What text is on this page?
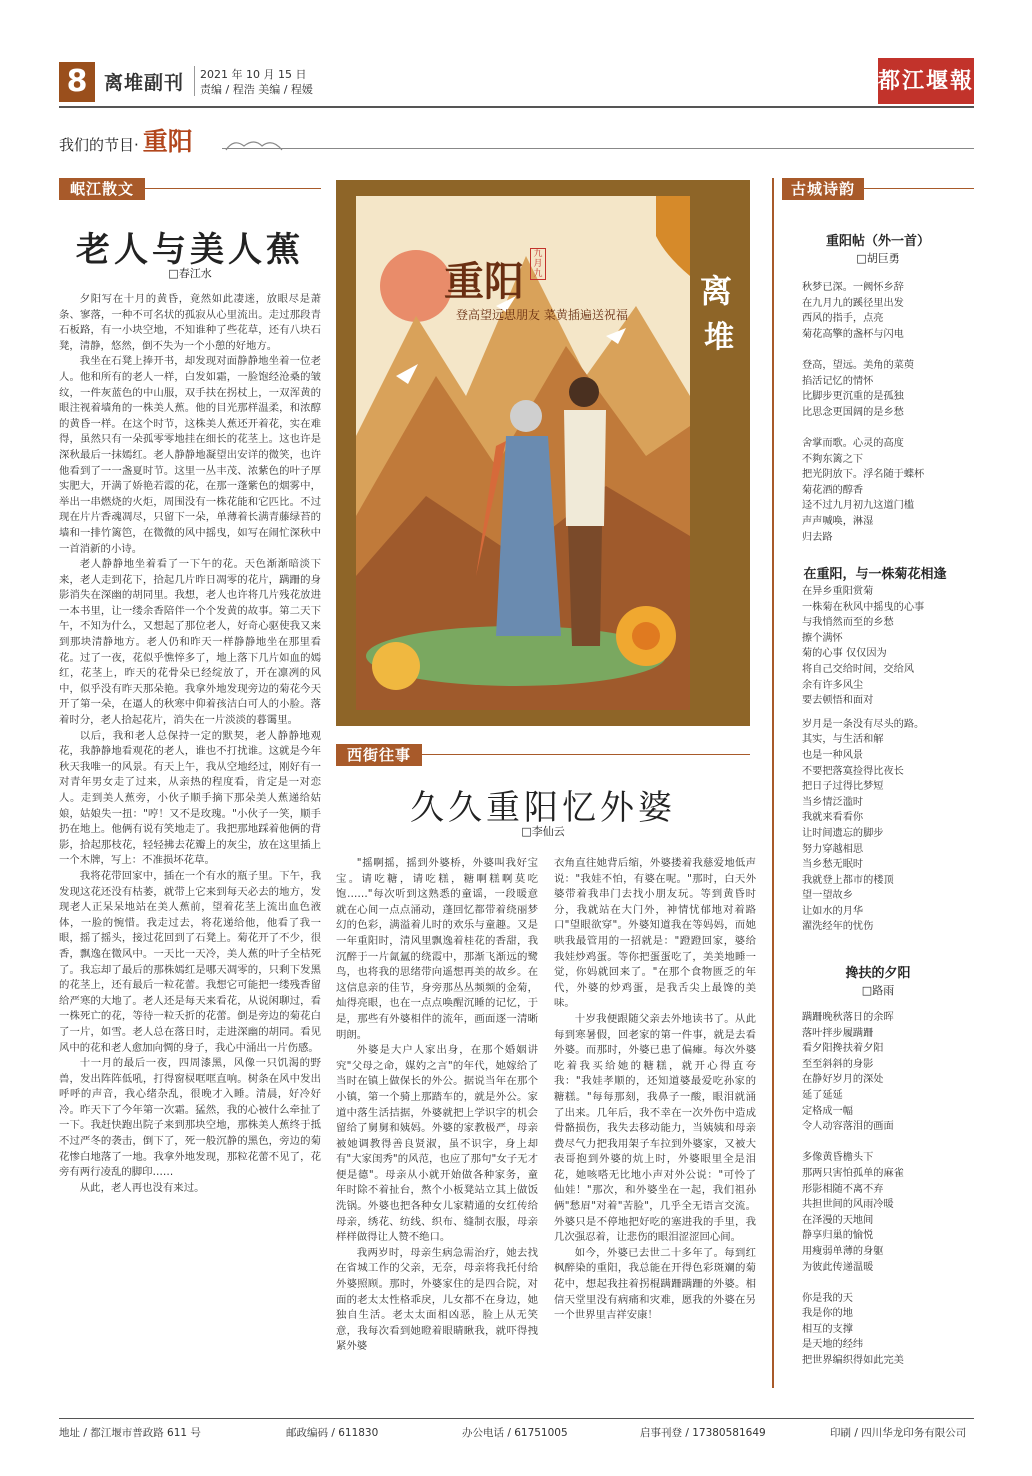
8 离堆副刊 2021 年 10 月 15 日
责编 / 程浩 美编 / 程媛	都江堰報
我们的节目· 重阳
岷江散文
老人与美人蕉
□春江水

夕阳写在十月的黄昏，竟然如此凄迷，放眼尽是萧条、寥落，一种不可名状的孤寂从心里流出。走过那段青石板路，有一小块空地，不知谁种了些花草，还有八块石凳，清静，悠然，倒不失为一个小憩的好地方。

我坐在石凳上捧开书，却发现对面静静地坐着一位老人。他和所有的老人一样，白发如霜，一脸饱经沧桑的皱纹，一件灰蓝色的中山服，双手扶在拐杖上，一双浑黄的眼注视着墙角的一株美人蕉。他的目光那样温柔，和浓醇的黄昏一样。在这个时节，这株美人蕉还开着花，实在难得，虽然只有一朵孤零零地挂在细长的花茎上。这也许是深秋最后一抹嫣红。老人静静地凝望出安详的微笑，也许他看到了一一盏夏时节。这里一丛丰茂、浓紫色的叶子厚实肥大，开满了娇艳若霞的花，在那一蓬紫色的烟雾中，举出一串燃烧的火炬，周围没有一株花能和它匹比。不过现在片片香魂凋尽，只留下一朵，单薄着长满青藤绿苔的墙和一排竹篱笆，在微微的风中摇曳，如写在闹忙深秋中一首消新的小诗。

老人静静地坐着看了一下午的花。天色渐渐暗淡下来，老人走到花下，拾起几片昨日凋零的花片，蹒跚的身影消失在深幽的胡同里。我想，老人也许将几片残花放进一本书里，让一缕余香陪伴一个个发黄的故事。第二天下午，不知为什么，又想起了那位老人，好奇心驱使我又来到那块清静地方。老人仍和昨天一样静静地坐在那里看花。过了一夜，花似乎憔悴多了，地上落下几片如血的嫣红，花茎上，昨天的花骨朵已经绽放了，开在凛冽的风中，似乎没有昨天那朵艳。我拿外地发现旁边的菊花今天开了第一朵，在逼人的秋寒中仰着孩洁白可人的小脸。落着时分，老人拾起花片，消失在一片淡淡的暮霭里。

以后，我和老人总保持一定的默契，老人静静地观花，我静静地看观花的老人，谁也不打扰谁。这就是今年秋天我唯一的风景。有天上午，我从空地经过，刚好有一对青年男女走了过来，从亲热的程度看，肯定是一对恋人。走到美人蕉旁，小伙子顺手摘下那朵美人蕉递给姑娘，姑娘失一扭："哼！又不是玫瑰。"小伙子一笑，顺手扔在地上。他俩有说有笑地走了。我把那地踩着他俩的背影，拾起那枝花，轻轻拂去花瓣上的灰尘，放在这里插上一个木牌，写上：不准损坏花草。

我将花带回家中，插在一个有水的瓶子里。下午，我发现这花还没有枯萎，就带上它来到每天必去的地方，发现老人正呆呆地站在美人蕉前，望着花茎上流出血色液体，一脸的惋惜。我走过去，将花递给他，他看了我一眼，摇了摇头，接过花回到了石凳上。菊花开了不少，很香，飘逸在微风中。一天比一天冷，美人蕉的叶子全枯死了。我忘却了最后的那株嫣红是哪天凋零的，只剩下发黑的花茎上，还有最后一粒花蕾。我想它可能把一缕残香留给严寒的大地了。老人还是每天来看花，从说闲聊过，看一株死亡的花，等待一粒夭折的花蕾。倒是旁边的菊花白了一片，如雪。老人总在落日时，走进深幽的胡同。看见风中的花和老人愈加向惆的身子，我心中涌出一片伤感。

十一月的最后一夜，四周漆黑，风像一只饥渴的野兽，发出阵阵低吼，打得窗棂哐哐直响。树条在风中发出呼呼的声音，我心绪杂乱，很晚才入睡。清晨，好冷好冷。昨天下了今年第一次霜。猛然，我的心被什么牵扯了一下。我赶快跑出院子来到那块空地，那株美人蕉终于抵不过严冬的袭击，倒下了，死一般沉静的黑色，旁边的菊花惨白地落了一地。我拿外地发现，那粒花蕾不见了，花旁有两行凌乱的脚印……

从此，老人再也没有来过。

重阳
九月九
登高望远思朋友 菜黄插遍送祝福
离
堆
西街往事
久久重阳忆外婆
□李仙云

"摇啊摇，摇到外婆桥，外婆叫我好宝宝。请吃糖，请吃糕，糖啊糕啊莫吃饱……"每次听到这熟悉的童谣，一段暖意就在心间一点点涌动，蓬回忆都带着绕丽梦幻的色彩，满溢着儿时的欢乐与童趣。又是一年重阳时，清风里飘逸着桂花的香甜，我沉醉于一片氤氲的绕霞中，那渐飞渐远的鹭鸟，也将我的思绪带向遥想再美的故乡。在这信息亲的佳节，身旁那丛丛频频的金菊，灿得亮眼，也在一点点唤醒沉睡的记忆，于是，那些有外婆相伴的流年，画面逐一清晰明朗。

外婆是大户人家出身，在那个婚姻讲究"父母之命，媒妁之言"的年代，她嫁给了当时在镇上做保长的外公。据说当年在那个小镇，第一个骑上那踏车的，就是外公。家道中落生活拮据，外婆就把上学识字的机会留给了舅舅和姨妈。外婆的家教极严，母亲被她调教得善良贤淑，虽不识字，身上却有"大家闺秀"的风范，也应了那句"女子无才便是德"。母亲从小就开始做各种家务，童年时除不着扯台，熬个小板凳站立其上做饭洗锅。外婆也把各种女儿家精通的女红传给母亲，绣花、纺线、织布、缝制衣服，母亲样样做得让人赞不绝口。

我两岁时，母亲生病急需治疗，她去找在省城工作的父亲，无奈，母亲将我托付给外婆照顾。那时，外婆家住的是四合院，对面的老太太性格乖戾，儿女都不在身边，她独自生活。老太太面相凶恶，脸上从无笑意，我每次看到她瞪着眼睛瞅我，就吓得拽紧外婆

衣角直往她背后缩，外婆搂着我慈爱地低声说："我娃不怕，有婆在呢。"那时，白天外婆带着我串门去找小朋友玩。等到黄昏时分，我就站在大门外，神情忧郁地对着路口"望眼欲穿"。外婆知道我在等妈妈，而她哄我最管用的一招就是："蹬蹬回家，婆给我娃炒鸡蛋。等你把蛋蛋吃了，美美地睡一觉，你妈就回来了。"在那个食物匮乏的年代，外婆的炒鸡蛋，是我舌尖上最馋的美味。

十岁我便跟随父亲去外地读书了。从此每到寒暑假，回老家的第一件事，就是去看外婆。而那时，外婆已患了偏瘫。每次外婆吃着我买给她的糖糕，就开心得直夸我："我娃孝顺的，还知道婆最爱吃孙家的糖糕。"每每那刻，我鼻子一酸，眼泪就涌了出来。几年后，我不幸在一次外伤中造成骨骼损伤，我失去移动能力，当姨姨和母亲费尽气力把我用架子车拉到外婆家，又被大表哥抱到外婆的炕上时，外婆眼里全是泪花，她咳嗒无比地小声对外公说："可怜了仙娃！"那次，和外婆坐在一起，我们祖孙俩"愁眉"对着"苦脸"，几乎全无语言交流。外婆只是不停地把好吃的塞进我的手里，我几次强忍着，让悲伤的眼泪涩涩回心间。

如今，外婆已去世二十多年了。每到红枫醉染的重阳，我总能在开得色彩斑斓的菊花中，想起我拄着拐棍蹒跚蹒跚的外婆。相信天堂里没有病痛和灾难，愿我的外婆在另一个世界里吉祥安康！

古城诗韵
重阳帖（外一首）
□胡巨勇

秋梦已深。一阙怀乡辞

在九月九的蹊径里出发

西风的指手，点亮

菊花高擎的盏杯与闪电

登高，望远。美角的菜萸

掐活记忆的情怀

比脚步更沉重的是孤独

比思念更国阔的是乡愁

舍掌而歌。心灵的高度

不夠东篱之下

把光阴放下。浮名随于蝶杯

菊花酒的醇香

迳不过九月初九这道门槛

声声喊唤，淋湿

归去路

在重阳，与一株菊花相逢

在异乡重阳赏菊

一株菊在秋风中摇曳的心事

与我悄然而至的乡愁

擦个满怀

菊的心事 仅仅因为

将自己交给时间，交给风

余有许多风尘

要去顿悟和面对

岁月是一条没有尽头的路。

其实，与生活和解

也是一种风景

不要把落寞捡得比夜长

把日子过得比梦短

当乡情泛滥时

我就来看看你

让时间遗忘的脚步

努力穿越相思

当乡愁无眠时

我就登上都市的楼顶

望一望故乡

让如水的月华

濯洗经年的忧伤

搀扶的夕阳
□路雨

蹒跚晚秋落日的余晖

落叶拌步履蹒跚

看夕阳搀扶着夕阳

至至斜斜的身影

在静好岁月的深处

延了延延

定格成一幅

令人动容落泪的画面

多像黄昏檐头下

那两只害怕孤单的麻雀

形影相随不离不弃

共担世间的风雨冷暖

在泽漫的天地间

静享归巢的愉悦

用瘦弱单薄的身躯

为彼此传递温暖

你是我的天

我是你的地

相互的支撑

是天地的经纬

把世界编织得如此完美

地址 / 都江堰市普政路 611 号	邮政编码 / 611830	办公电话 / 61751005	启事刊登 / 17380581649	印刷 / 四川华龙印务有限公司
